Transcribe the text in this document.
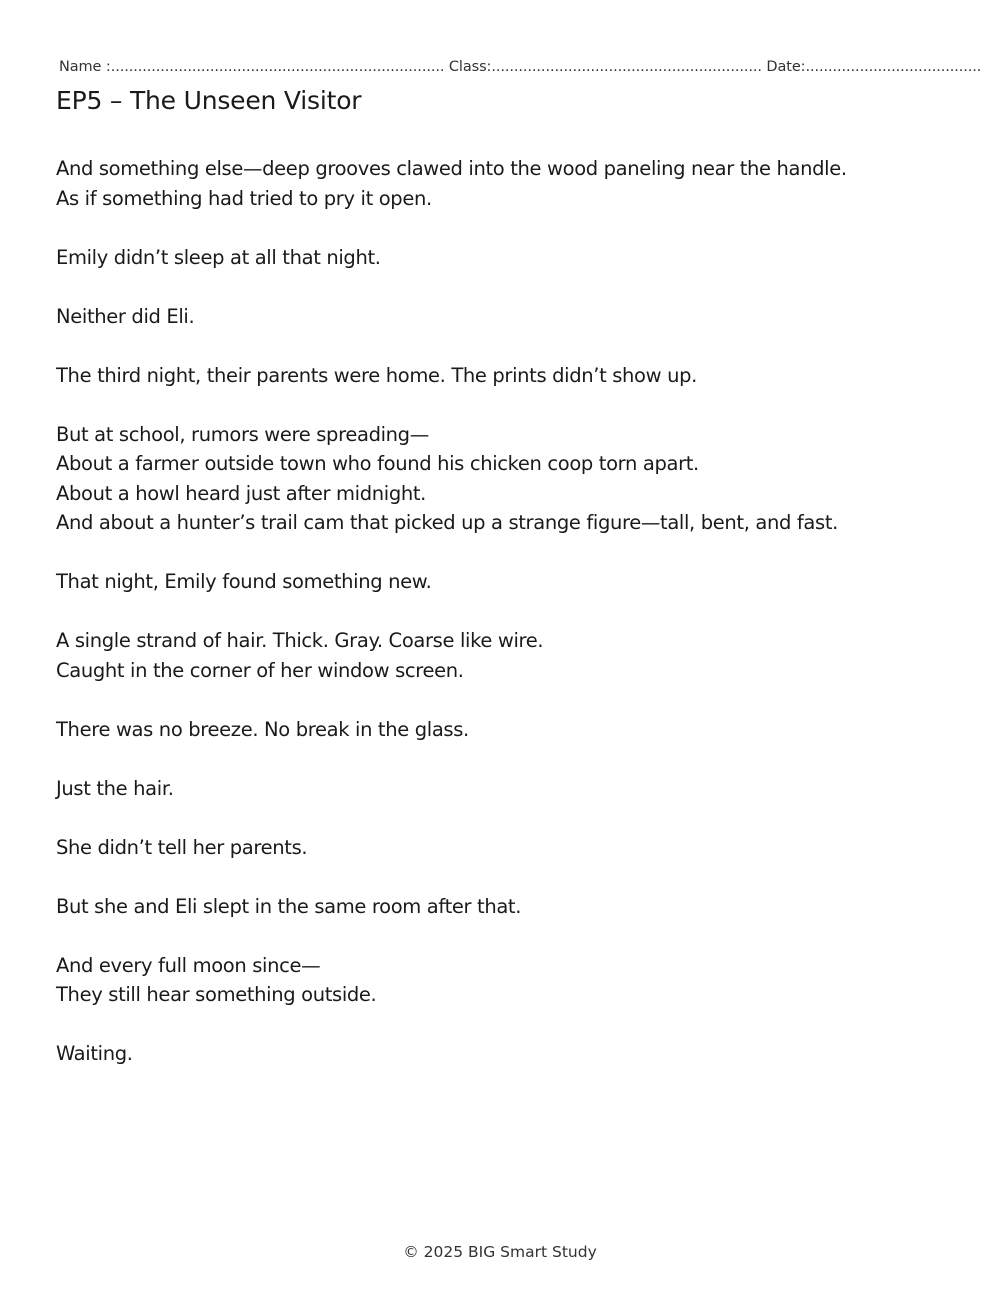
Name :.......................................................................... Class:............................................................ Date:.......................................
EP5 – The Unseen Visitor

And something else—deep grooves clawed into the wood paneling near the handle.
As if something had tried to pry it open.

Emily didn’t sleep at all that night.

Neither did Eli.

The third night, their parents were home. The prints didn’t show up.

But at school, rumors were spreading—
About a farmer outside town who found his chicken coop torn apart.
About a howl heard just after midnight.
And about a hunter’s trail cam that picked up a strange figure—tall, bent, and fast.

That night, Emily found something new.

A single strand of hair. Thick. Gray. Coarse like wire.
Caught in the corner of her window screen.

There was no breeze. No break in the glass.

Just the hair.

She didn’t tell her parents.

But she and Eli slept in the same room after that.

And every full moon since—
They still hear something outside.

Waiting.

© 2025 BIG Smart Study
